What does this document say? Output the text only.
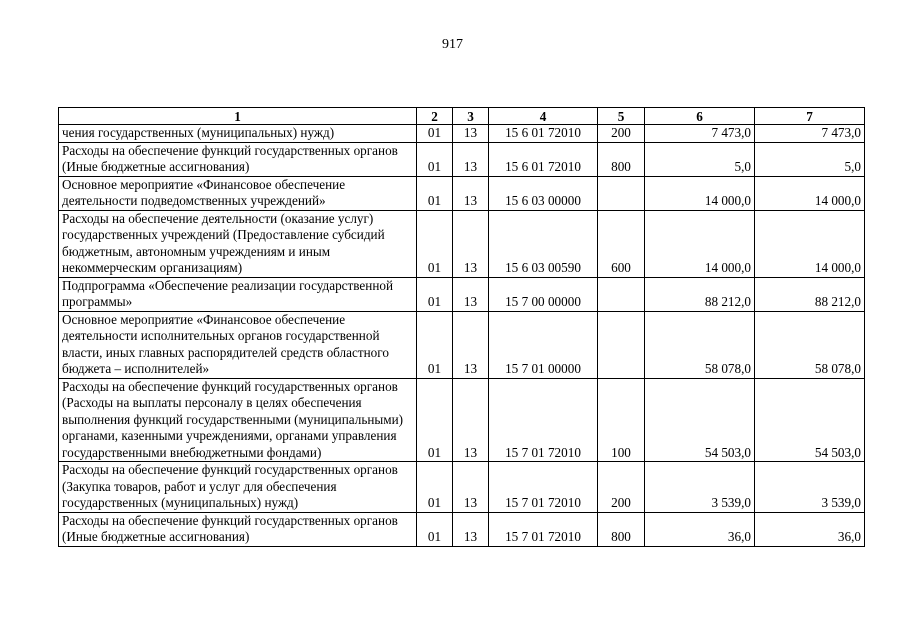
917
1	2	3	4	5	6	7
чения государственных (муниципальных) нужд)	01	13	15 6 01 72010	200	7 473,0	7 473,0
Расходы на обеспечение функций государственных органов (Иные бюджетные ассигнования)	01	13	15 6 01 72010	800	5,0	5,0
Основное мероприятие «Финансовое обеспечение деятельности подведомственных учреждений»	01	13	15 6 03 00000		14 000,0	14 000,0
Расходы на обеспечение деятельности (оказание услуг) государственных учреждений (Предоставление субсидий бюджетным, автономным учреждениям и иным некоммерческим организациям)	01	13	15 6 03 00590	600	14 000,0	14 000,0
Подпрограмма «Обеспечение реализации государственной программы»	01	13	15 7 00 00000		88 212,0	88 212,0
Основное мероприятие «Финансовое обеспечение деятельности исполнительных органов государственной власти, иных главных распорядителей средств областного бюджета – исполнителей»	01	13	15 7 01 00000		58 078,0	58 078,0
Расходы на обеспечение функций государственных органов (Расходы на выплаты персоналу в целях обеспечения выполнения функций государственными (муниципальными) органами, казенными учреждениями, органами управления государственными внебюджетными фондами)	01	13	15 7 01 72010	100	54 503,0	54 503,0
Расходы на обеспечение функций государственных органов (Закупка товаров, работ и услуг для обеспечения государственных (муниципальных) нужд)	01	13	15 7 01 72010	200	3 539,0	3 539,0
Расходы на обеспечение функций государственных органов (Иные бюджетные ассигнования)	01	13	15 7 01 72010	800	36,0	36,0
